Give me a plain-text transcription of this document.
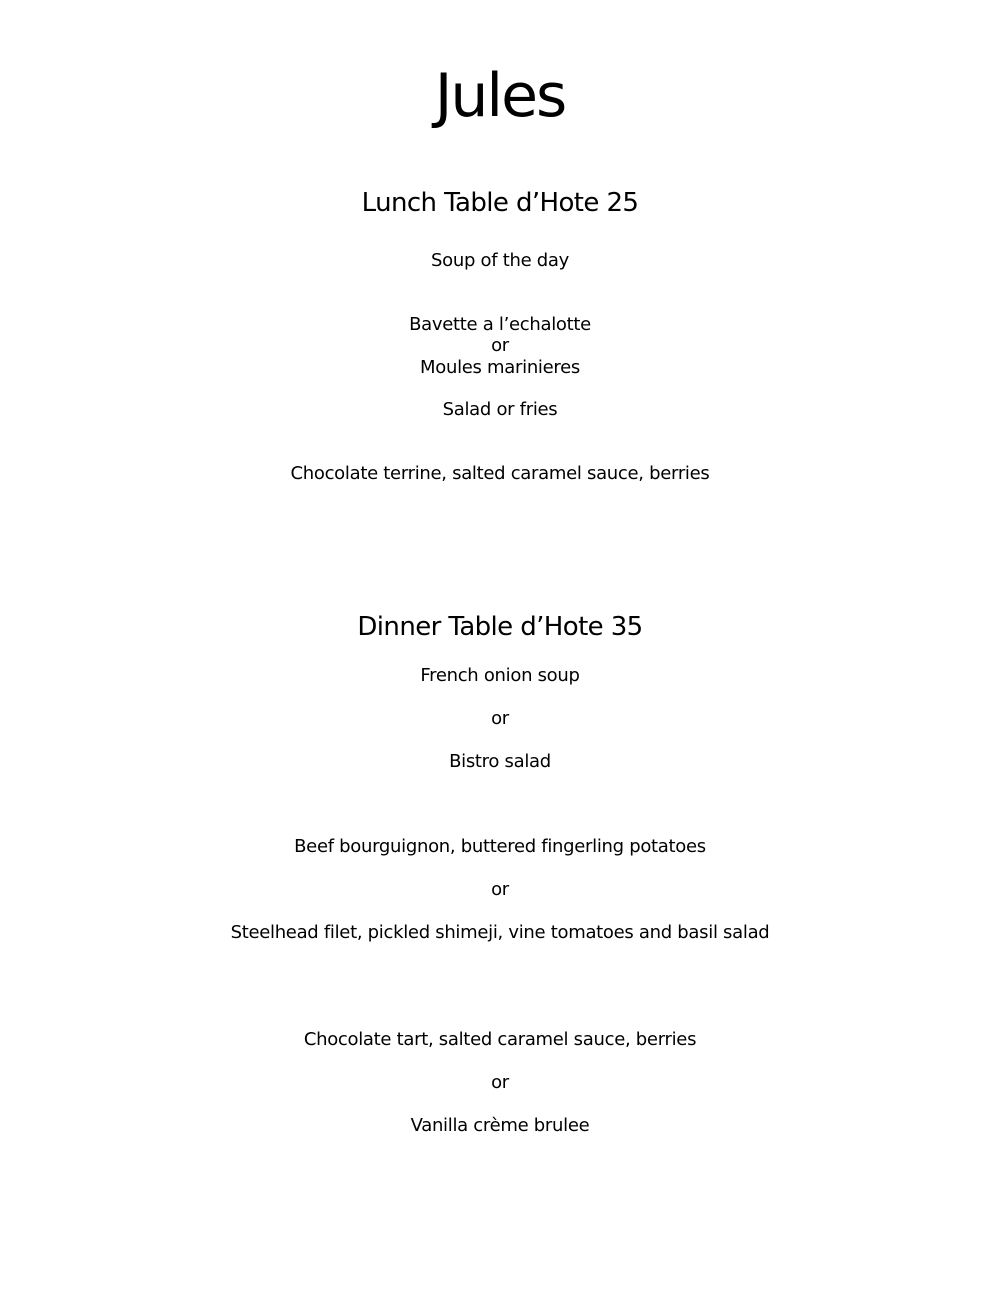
Jules
Lunch Table d’Hote 25
Soup of the day
Bavette a l’echalotte
or
Moules marinieres
Salad or fries
Chocolate terrine, salted caramel sauce, berries
Dinner Table d’Hote 35
French onion soup
or
Bistro salad
Beef bourguignon, buttered fingerling potatoes
or
Steelhead filet, pickled shimeji, vine tomatoes and basil salad
Chocolate tart, salted caramel sauce, berries
or
Vanilla crème brulee
